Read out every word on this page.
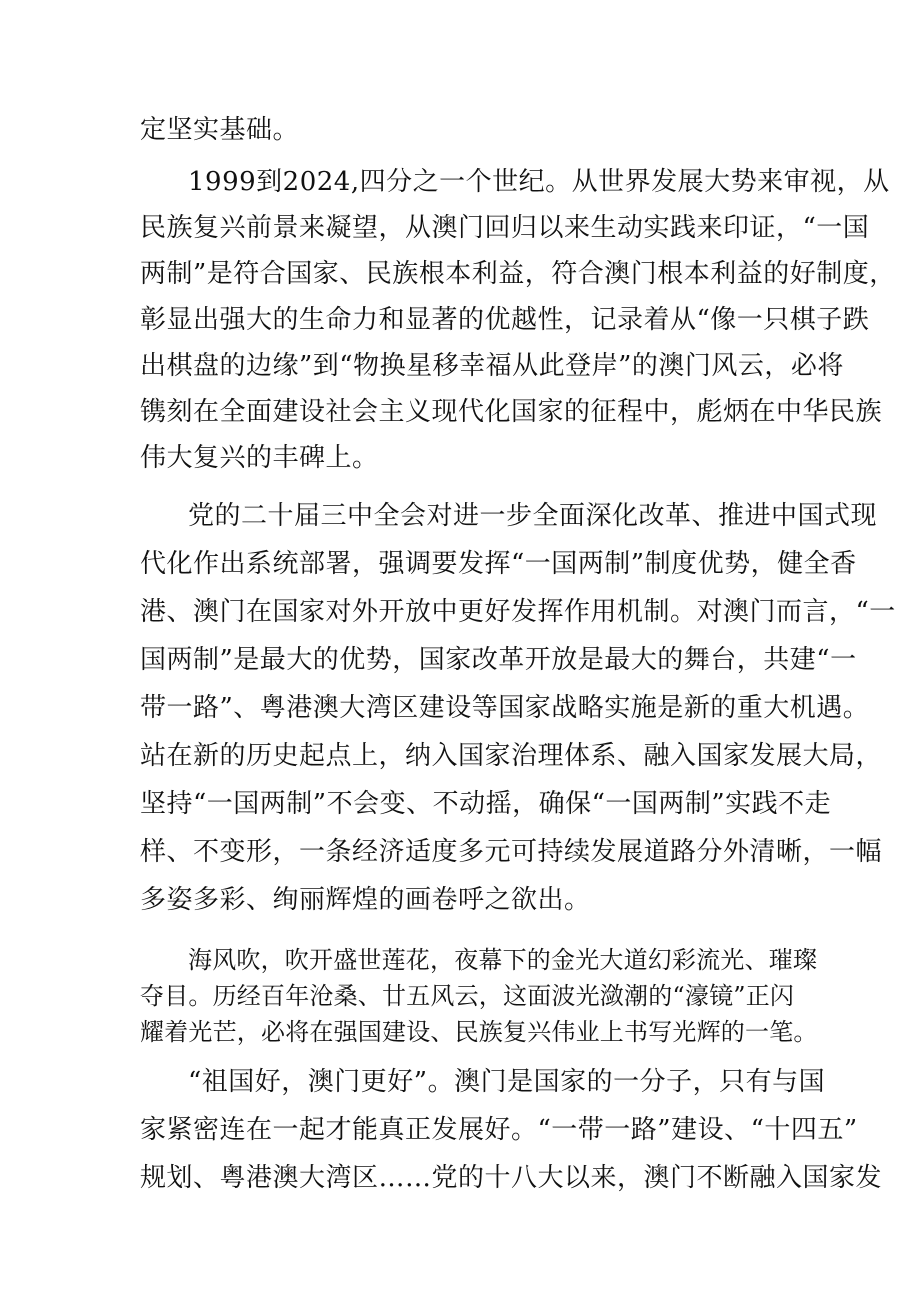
定坚实基础。
1999到2024,四分之一个世纪。从世界发展大势来审视，从
民族复兴前景来凝望，从澳门回归以来生动实践来印证，“一国
两制”是符合国家、民族根本利益，符合澳门根本利益的好制度，
彰显出强大的生命力和显著的优越性，记录着从“像一只棋子跌
出棋盘的边缘”到“物换星移幸福从此登岸”的澳门风云，必将
镌刻在全面建设社会主义现代化国家的征程中，彪炳在中华民族
伟大复兴的丰碑上。
党的二十届三中全会对进一步全面深化改革、推进中国式现
代化作出系统部署，强调要发挥“一国两制”制度优势，健全香
港、澳门在国家对外开放中更好发挥作用机制。对澳门而言，“一
国两制”是最大的优势，国家改革开放是最大的舞台，共建“一
带一路”、粤港澳大湾区建设等国家战略实施是新的重大机遇。
站在新的历史起点上，纳入国家治理体系、融入国家发展大局，
坚持“一国两制”不会变、不动摇，确保“一国两制”实践不走
样、不变形，一条经济适度多元可持续发展道路分外清晰，一幅
多姿多彩、绚丽辉煌的画卷呼之欲出。
海风吹，吹开盛世莲花，夜幕下的金光大道幻彩流光、璀璨
夺目。历经百年沧桑、廿五风云，这面波光潋潮的“濠镜”正闪
耀着光芒，必将在强国建设、民族复兴伟业上书写光辉的一笔。
“祖国好，澳门更好”。澳门是国家的一分子，只有与国
家紧密连在一起才能真正发展好。“一带一路”建设、“十四五”
规划、粤港澳大湾区……党的十八大以来，澳门不断融入国家发
